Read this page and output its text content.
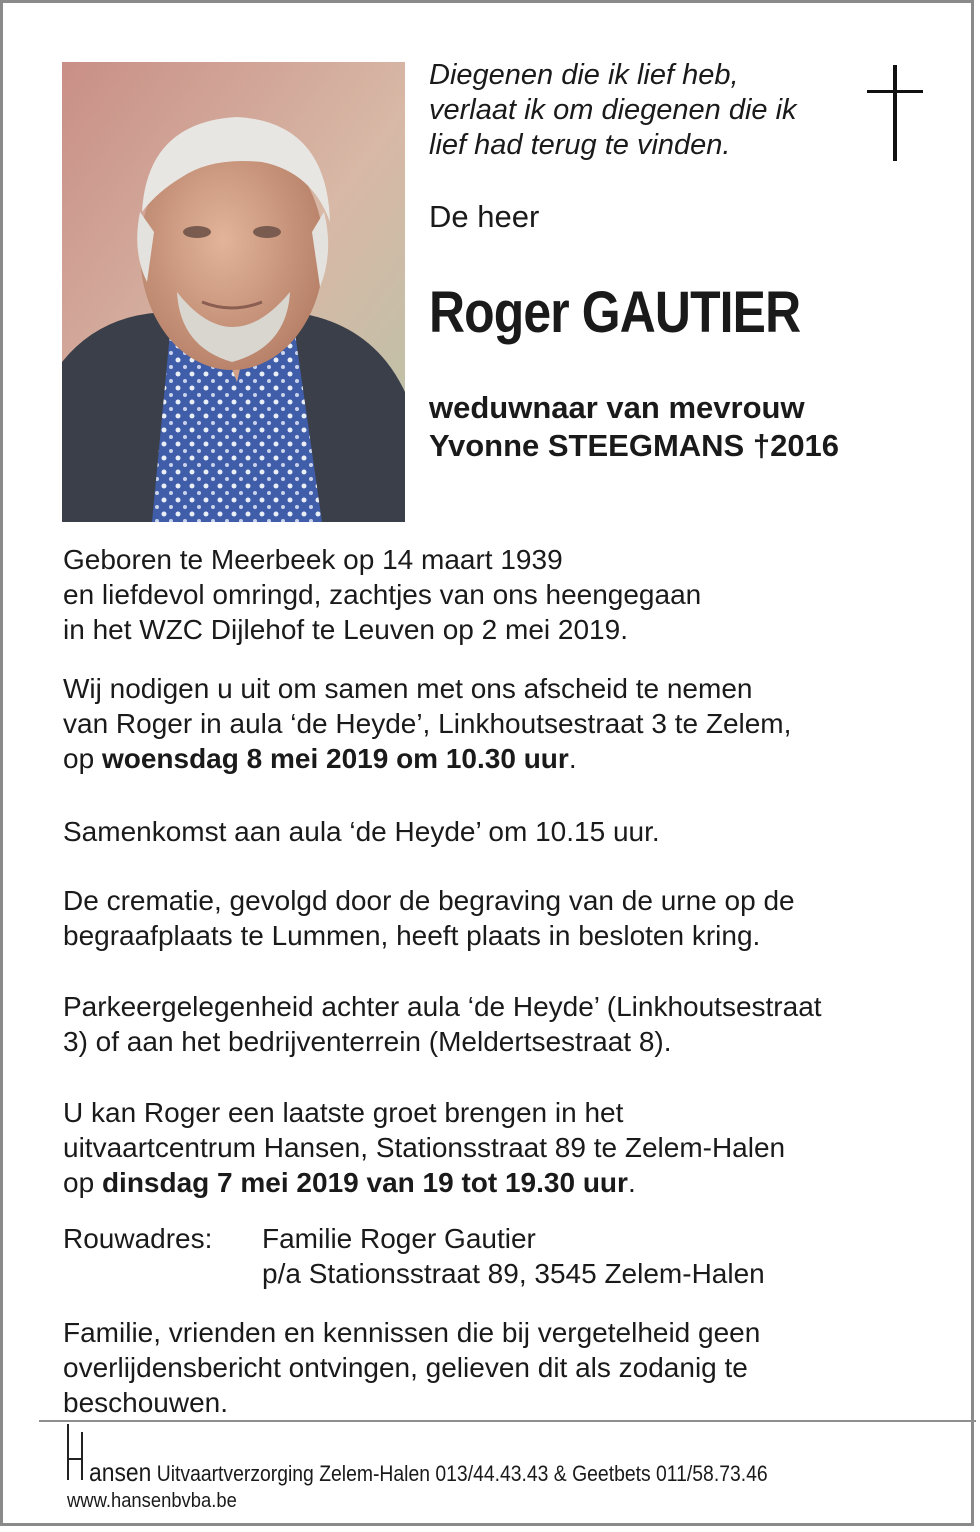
Diegenen die ik lief heb,
verlaat ik om diegenen die ik
lief had terug te vinden.
De heer
Roger GAUTIER
weduwnaar van mevrouw
Yvonne STEEGMANS †2016
Geboren te Meerbeek op 14 maart 1939
en liefdevol omringd, zachtjes van ons heengegaan
in het WZC Dijlehof te Leuven op 2 mei 2019.
Wij nodigen u uit om samen met ons afscheid te nemen
van Roger in aula ‘de Heyde’, Linkhoutsestraat 3 te Zelem,
op woensdag 8 mei 2019 om 10.30 uur.
Samenkomst aan aula ‘de Heyde’ om 10.15 uur.
De crematie, gevolgd door de begraving van de urne op de
begraafplaats te Lummen, heeft plaats in besloten kring.
Parkeergelegenheid achter aula ‘de Heyde’ (Linkhoutsestraat
3) of aan het bedrijventerrein (Meldertsestraat 8).
U kan Roger een laatste groet brengen in het
uitvaartcentrum Hansen, Stationsstraat 89 te Zelem-Halen
op dinsdag 7 mei 2019 van 19 tot 19.30 uur.
Rouwadres: Familie Roger Gautier
p/a Stationsstraat 89, 3545 Zelem-Halen
Familie, vrienden en kennissen die bij vergetelheid geen
overlijdensbericht ontvingen, gelieven dit als zodanig te
beschouwen.
ansen Uitvaartverzorging Zelem-Halen 013/44.43.43 & Geetbets 011/58.73.46
www.hansenbvba.be
